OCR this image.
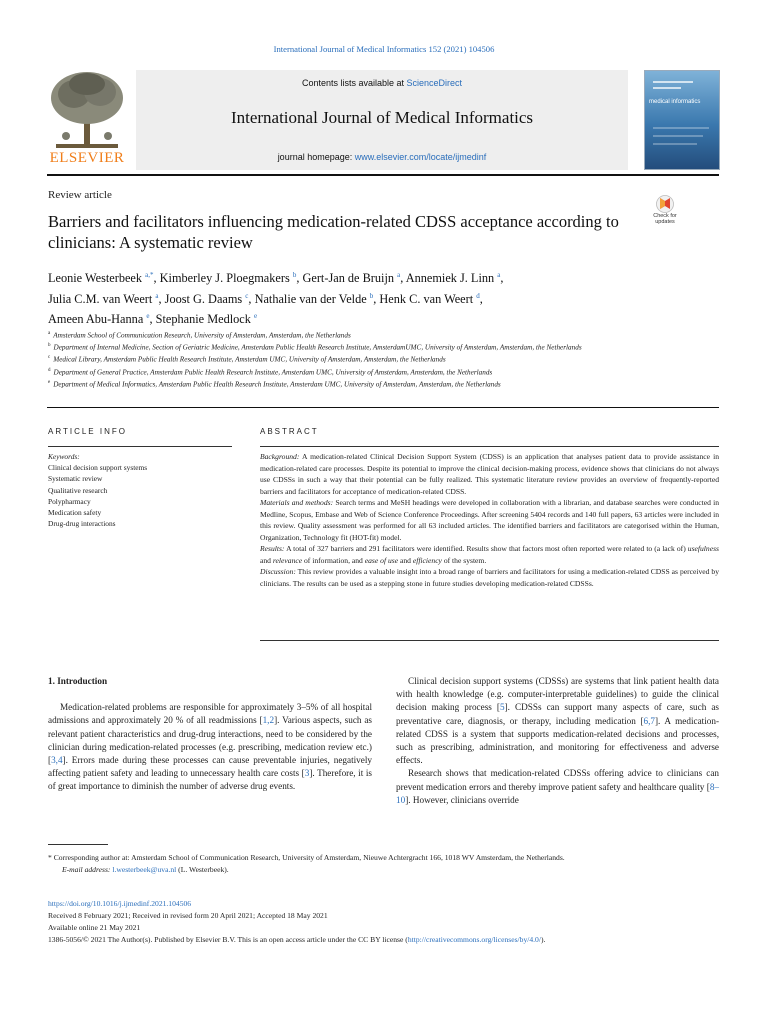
International Journal of Medical Informatics 152 (2021) 104506
ELSEVIER
Contents lists available at ScienceDirect
International Journal of Medical Informatics
journal homepage: www.elsevier.com/locate/ijmedinf
medical informatics
Review article
Barriers and facilitators influencing medication-related CDSS acceptance according to clinicians: A systematic review
Check for updates
Leonie Westerbeek $^{a,*}$, Kimberley J. Ploegmakers $^b$, Gert-Jan de Bruijn $^a$, Annemiek J. Linn $^a$,
Julia C.M. van Weert $^a$, Joost G. Daams $^c$, Nathalie van der Velde $^b$, Henk C. van Weert $^d$,
Ameen Abu-Hanna $^e$, Stephanie Medlock $^e$
$^a$ Amsterdam School of Communication Research, University of Amsterdam, Amsterdam, the Netherlands
$^b$ Department of Internal Medicine, Section of Geriatric Medicine, Amsterdam Public Health Research Institute, AmsterdamUMC, University of Amsterdam, Amsterdam, the Netherlands
$^c$ Medical Library, Amsterdam Public Health Research Institute, Amsterdam UMC, University of Amsterdam, Amsterdam, the Netherlands
$^d$ Department of General Practice, Amsterdam Public Health Research Institute, Amsterdam UMC, University of Amsterdam, Amsterdam, the Netherlands
$^e$ Department of Medical Informatics, Amsterdam Public Health Research Institute, Amsterdam UMC, University of Amsterdam, Amsterdam, the Netherlands
ARTICLE INFO	ABSTRACT
Keywords:
Clinical decision support systems
Systematic review
Qualitative research
Polypharmacy
Medication safety
Drug-drug interactions
Background: A medication-related Clinical Decision Support System (CDSS) is an application that analyses patient data to provide assistance in medication-related care processes. Despite its potential to improve the clinical decision-making process, evidence shows that clinicians do not always use CDSSs in such a way that their potential can be fully realized. This systematic literature review provides an overview of frequently-reported barriers and facilitators for acceptance of medication-related CDSS.
Materials and methods: Search terms and MeSH headings were developed in collaboration with a librarian, and database searches were conducted in Medline, Scopus, Embase and Web of Science Conference Proceedings. After screening 5404 records and 140 full papers, 63 articles were included in this review. Quality assessment was performed for all 63 included articles. The identified barriers and facilitators are categorised within the Human, Organization, Technology fit (HOT-fit) model.
Results: A total of 327 barriers and 291 facilitators were identified. Results show that factors most often reported were related to (a lack of) usefulness and relevance of information, and ease of use and efficiency of the system.
Discussion: This review provides a valuable insight into a broad range of barriers and facilitators for using a medication-related CDSS as perceived by clinicians. The results can be used as a stepping stone in future studies developing medication-related CDSSs.

1. Introduction

Medication-related problems are responsible for approximately 3–5% of all hospital admissions and approximately 20 % of all readmissions [1,2]. Various aspects, such as relevant patient characteristics and drug-drug interactions, need to be considered by the clinician during medication-related processes (e.g. prescribing, medication review etc.) [3,4]. Errors made during these processes can cause preventable injuries, negatively affecting patient safety and leading to unnecessary health care costs [3]. Therefore, it is of great importance to diminish the number of adverse drug events.

Clinical decision support systems (CDSSs) are systems that link patient health data with health knowledge (e.g. computer-interpretable guidelines) to guide the clinical decision making process [5]. CDSSs can support many aspects of care, such as preventative care, diagnosis, or therapy, including medication [6,7]. A medication-related CDSS is a system that supports medication-related decisions and processes, such as prescribing, administration, and monitoring for effectiveness and adverse effects.

Research shows that medication-related CDSSs offering advice to clinicians can prevent medication errors and thereby improve patient safety and healthcare quality [8–10]. However, clinicians override

* Corresponding author at: Amsterdam School of Communication Research, University of Amsterdam, Nieuwe Achtergracht 166, 1018 WV Amsterdam, the Netherlands.
E-mail address: l.westerbeek@uva.nl (L. Westerbeek).
https://doi.org/10.1016/j.ijmedinf.2021.104506
Received 8 February 2021; Received in revised form 20 April 2021; Accepted 18 May 2021
Available online 21 May 2021
1386-5056/© 2021 The Author(s). Published by Elsevier B.V. This is an open access article under the CC BY license (http://creativecommons.org/licenses/by/4.0/).
